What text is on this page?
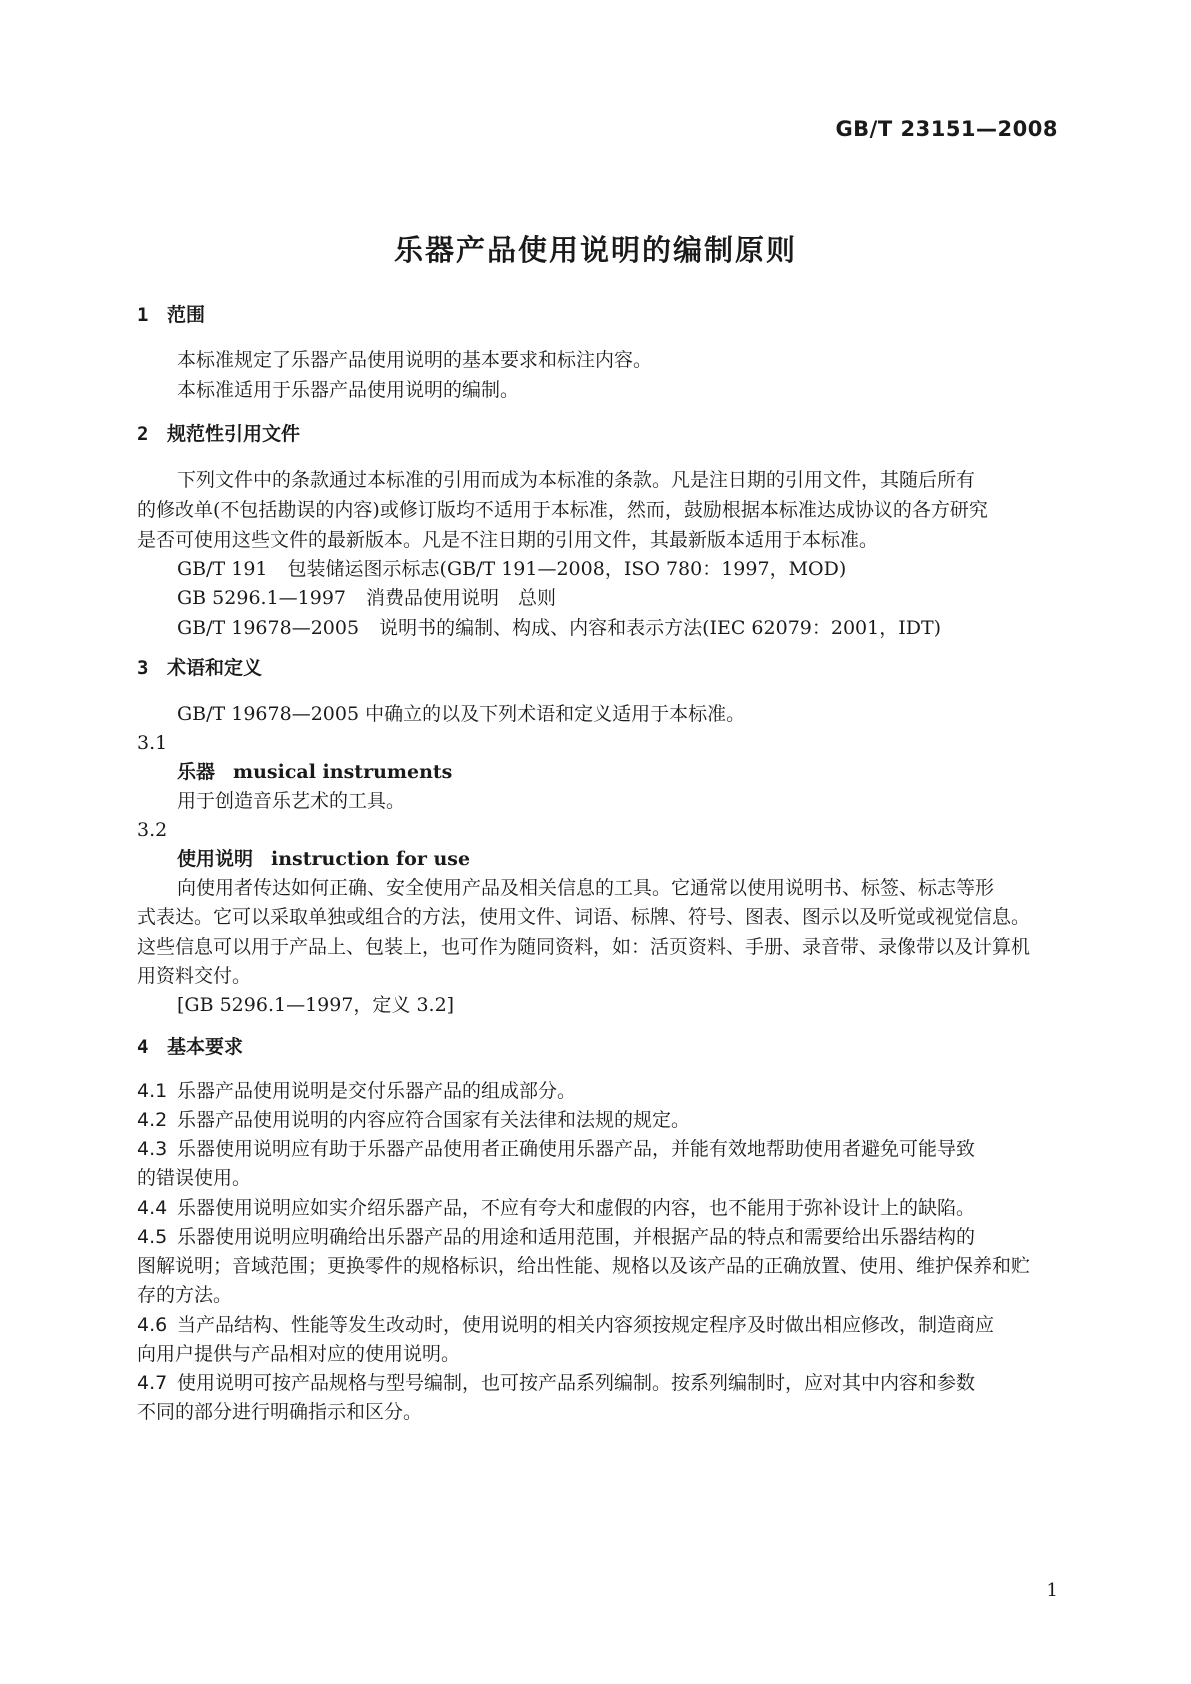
GB/T 23151—2008
乐器产品使用说明的编制原则
1 范围
本标准规定了乐器产品使用说明的基本要求和标注内容。
本标准适用于乐器产品使用说明的编制。
2 规范性引用文件
下列文件中的条款通过本标准的引用而成为本标准的条款。凡是注日期的引用文件，其随后所有
的修改单(不包括勘误的内容)或修订版均不适用于本标准，然而，鼓励根据本标准达成协议的各方研究
是否可使用这些文件的最新版本。凡是不注日期的引用文件，其最新版本适用于本标准。
GB/T 191 包装储运图示标志(GB/T 191—2008，ISO 780：1997，MOD)
GB 5296.1—1997 消费品使用说明　总则
GB/T 19678—2005 说明书的编制、构成、内容和表示方法(IEC 62079：2001，IDT)
3 术语和定义
GB/T 19678—2005 中确立的以及下列术语和定义适用于本标准。
3.1
乐器 musical instruments
用于创造音乐艺术的工具。
3.2
使用说明 instruction for use
向使用者传达如何正确、安全使用产品及相关信息的工具。它通常以使用说明书、标签、标志等形
式表达。它可以采取单独或组合的方法，使用文件、词语、标牌、符号、图表、图示以及听觉或视觉信息。
这些信息可以用于产品上、包装上，也可作为随同资料，如：活页资料、手册、录音带、录像带以及计算机
用资料交付。
[GB 5296.1—1997，定义 3.2]
4 基本要求
4.1 乐器产品使用说明是交付乐器产品的组成部分。
4.2 乐器产品使用说明的内容应符合国家有关法律和法规的规定。
4.3 乐器使用说明应有助于乐器产品使用者正确使用乐器产品，并能有效地帮助使用者避免可能导致
的错误使用。
4.4 乐器使用说明应如实介绍乐器产品，不应有夸大和虚假的内容，也不能用于弥补设计上的缺陷。
4.5 乐器使用说明应明确给出乐器产品的用途和适用范围，并根据产品的特点和需要给出乐器结构的
图解说明；音域范围；更换零件的规格标识，给出性能、规格以及该产品的正确放置、使用、维护保养和贮
存的方法。
4.6 当产品结构、性能等发生改动时，使用说明的相关内容须按规定程序及时做出相应修改，制造商应
向用户提供与产品相对应的使用说明。
4.7 使用说明可按产品规格与型号编制，也可按产品系列编制。按系列编制时，应对其中内容和参数
不同的部分进行明确指示和区分。
1
